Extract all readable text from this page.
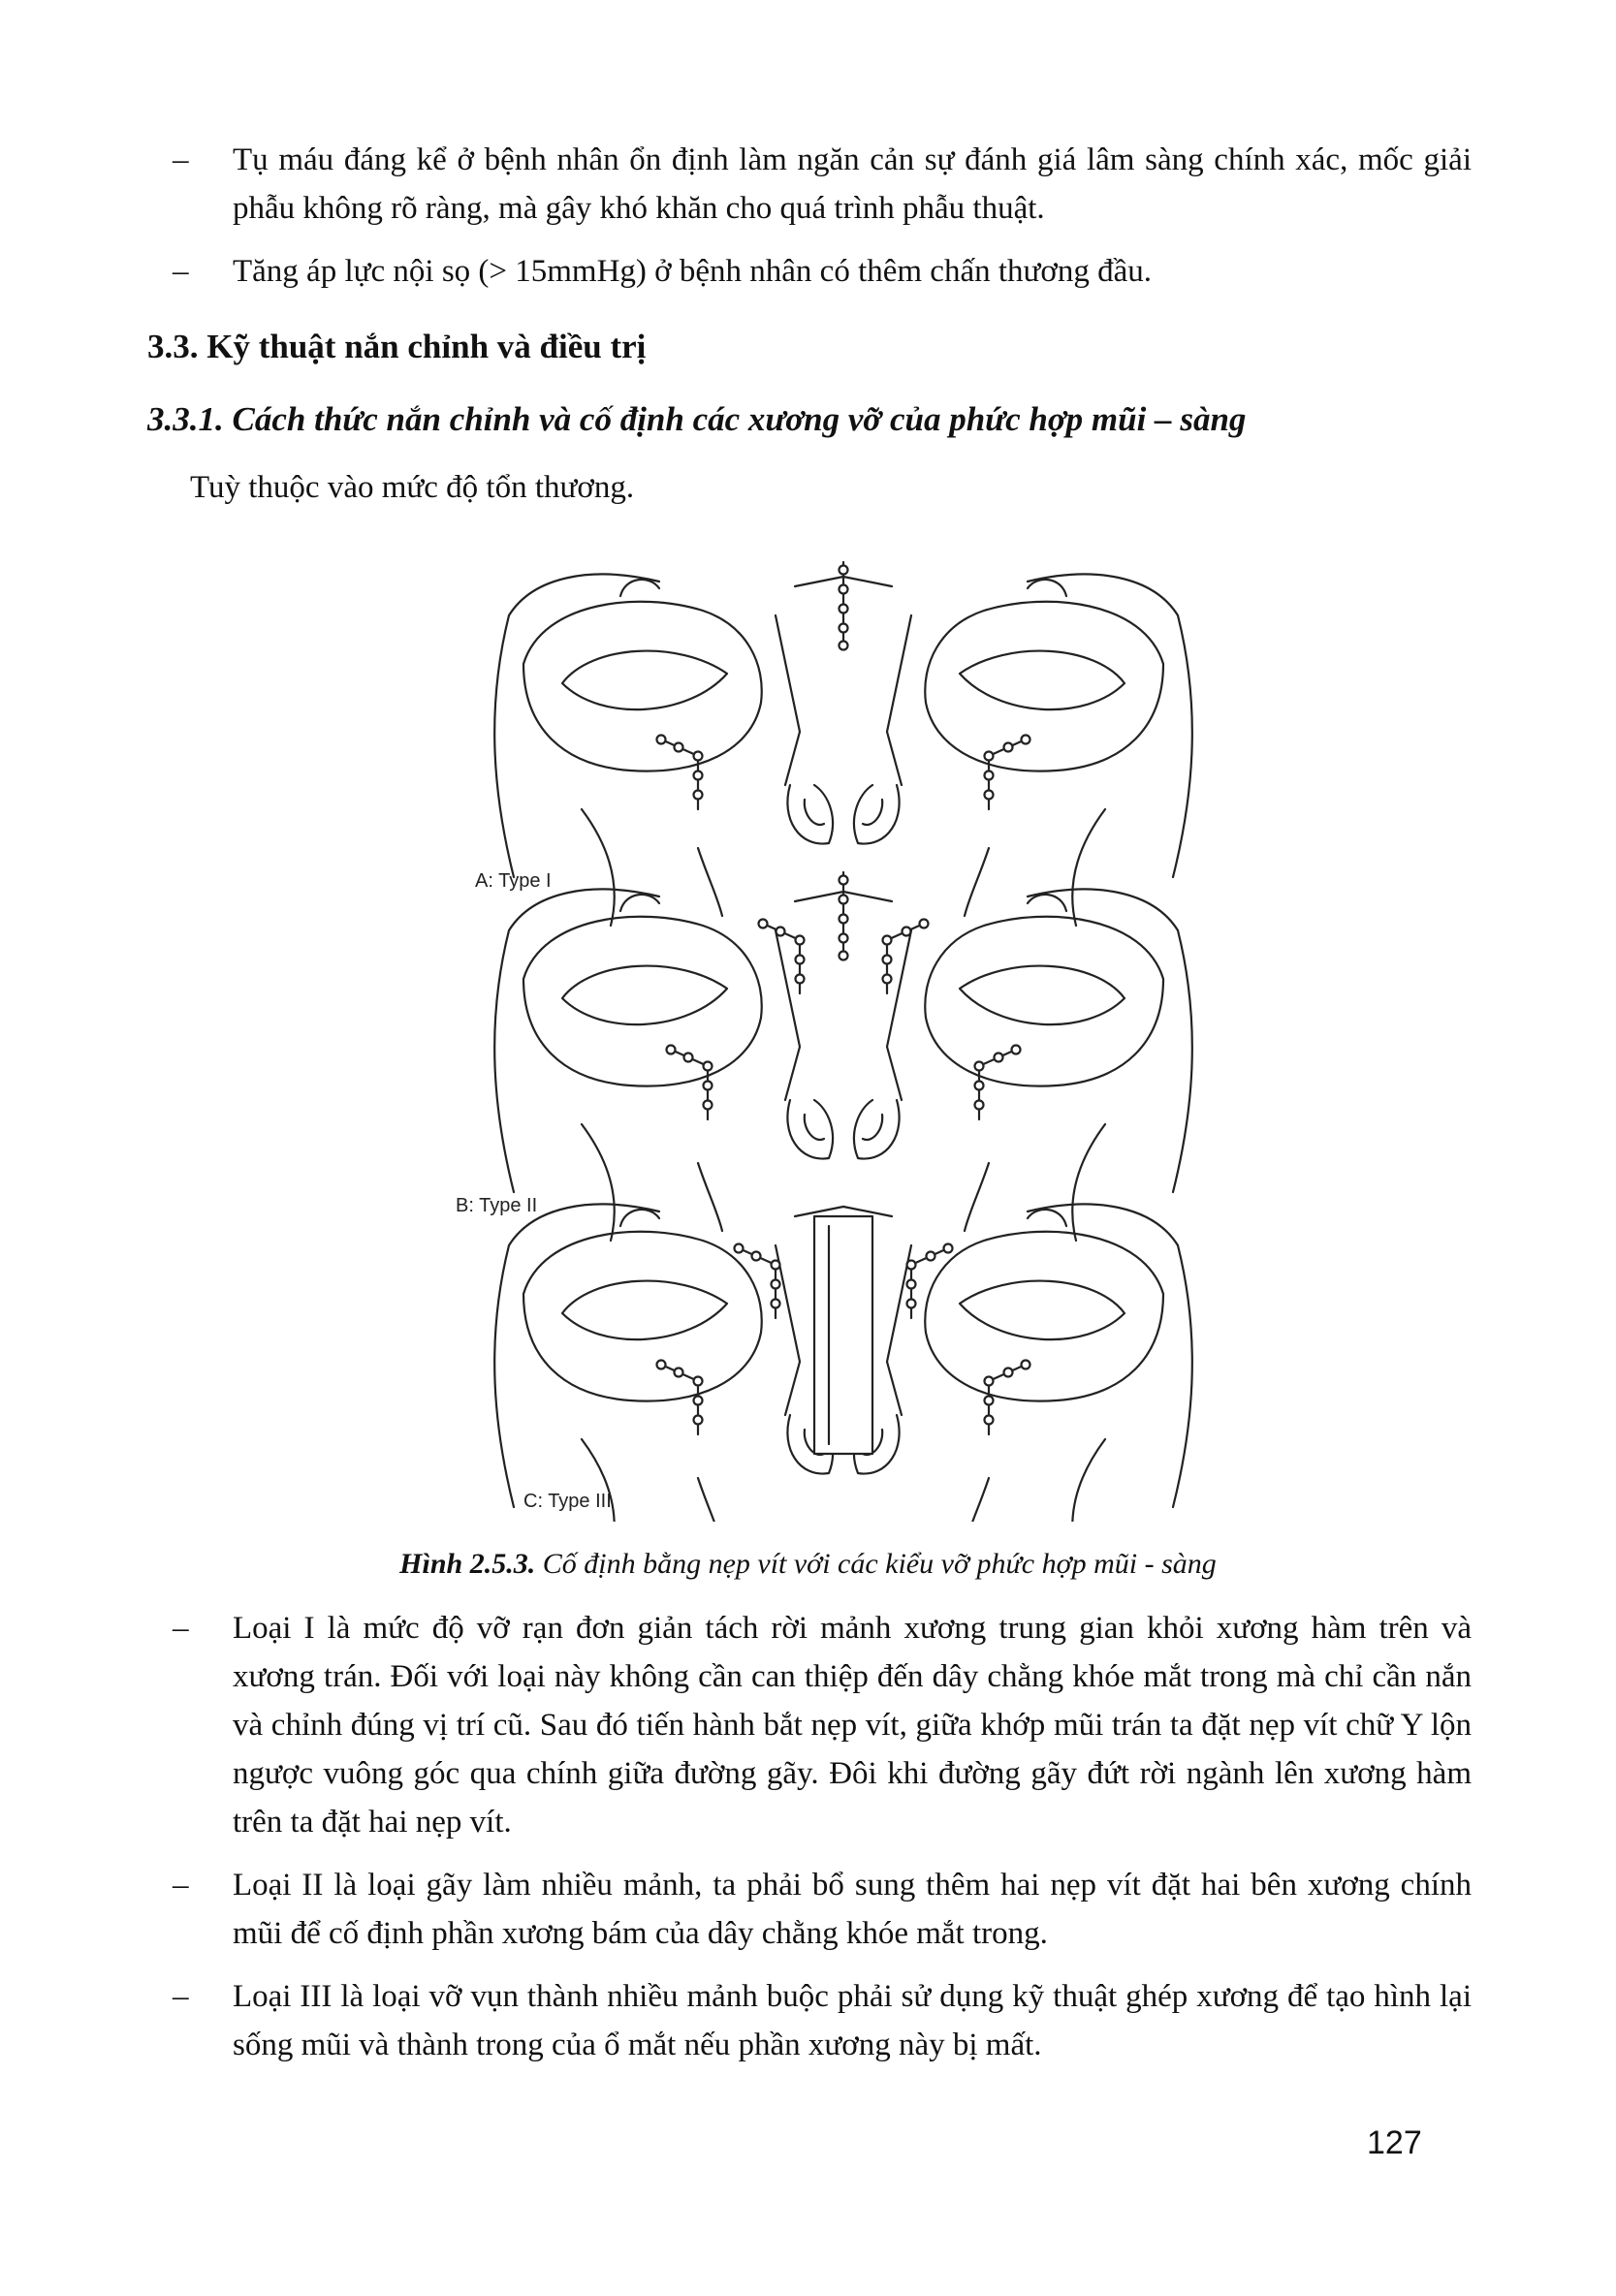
–	Tụ máu đáng kể ở bệnh nhân ổn định làm ngăn cản sự đánh giá lâm sàng chính xác, mốc giải phẫu không rõ ràng, mà gây khó khăn cho quá trình phẫu thuật.
–	Tăng áp lực nội sọ (> 15mmHg) ở bệnh nhân có thêm chấn thương đầu.
3.3. Kỹ thuật nắn chỉnh và điều trị
3.3.1. Cách thức nắn chỉnh và cố định các xương vỡ của phức hợp mũi – sàng
Tuỳ thuộc vào mức độ tổn thương.
A: Type I
B: Type II
C: Type III
Hình 2.5.3. Cố định bằng nẹp vít với các kiểu vỡ phức hợp mũi - sàng
–	Loại I là mức độ vỡ rạn đơn giản tách rời mảnh xương trung gian khỏi xương hàm trên và xương trán. Đối với loại này không cần can thiệp đến dây chằng khóe mắt trong mà chỉ cần nắn và chỉnh đúng vị trí cũ. Sau đó tiến hành bắt nẹp vít, giữa khớp mũi trán ta đặt nẹp vít chữ Y lộn ngược vuông góc qua chính giữa đường gãy. Đôi khi đường gãy đứt rời ngành lên xương hàm trên ta đặt hai nẹp vít.
–	Loại II là loại gãy làm nhiều mảnh, ta phải bổ sung thêm hai nẹp vít đặt hai bên xương chính mũi để cố định phần xương bám của dây chằng khóe mắt trong.
–	Loại III là loại vỡ vụn thành nhiều mảnh buộc phải sử dụng kỹ thuật ghép xương để tạo hình lại sống mũi và thành trong của ổ mắt nếu phần xương này bị mất.
127
